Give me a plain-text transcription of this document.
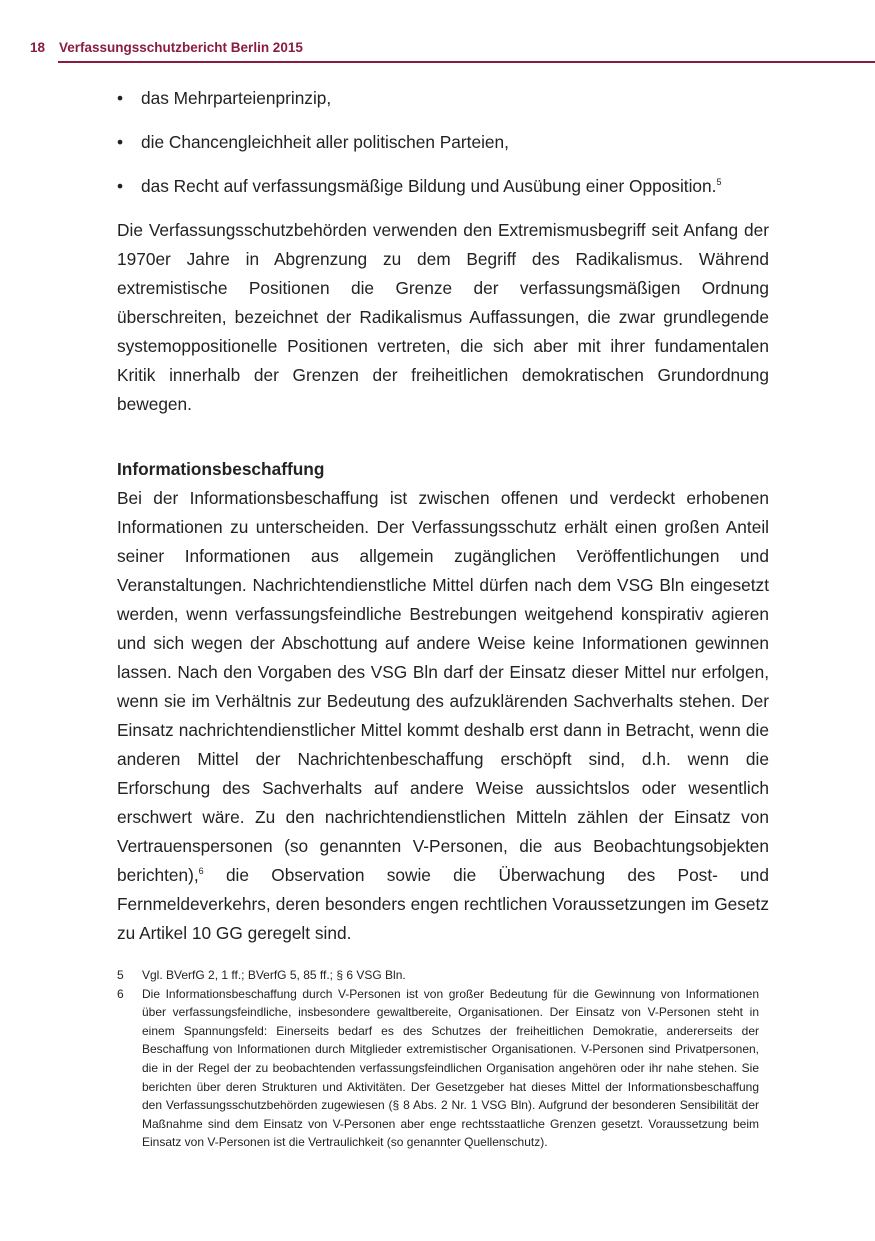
18 Verfassungsschutzbericht Berlin 2015
• das Mehrparteienprinzip,
• die Chancengleichheit aller politischen Parteien,
• das Recht auf verfassungsmäßige Bildung und Ausübung einer Opposition.$^5$

Die Verfassungsschutzbehörden verwenden den Extremismusbegriff seit Anfang der 1970er Jahre in Abgrenzung zu dem Begriff des Radikalismus. Während extremistische Positionen die Grenze der verfassungsmäßigen Ordnung überschreiten, bezeichnet der Radikalismus Auffassungen, die zwar grundlegende systemoppositionelle Positionen vertreten, die sich aber mit ihrer fundamentalen Kritik innerhalb der Grenzen der freiheitlichen demokratischen Grundordnung bewegen.

Informationsbeschaffung

Bei der Informationsbeschaffung ist zwischen offenen und verdeckt erhobenen Informationen zu unterscheiden. Der Verfassungsschutz erhält einen großen Anteil seiner Informationen aus allgemein zugänglichen Veröffentlichungen und Veranstaltungen. Nachrichtendienstliche Mittel dürfen nach dem VSG Bln eingesetzt werden, wenn verfassungsfeindliche Bestrebungen weitgehend konspirativ agieren und sich wegen der Abschottung auf andere Weise keine Informationen gewinnen lassen. Nach den Vorgaben des VSG Bln darf der Einsatz dieser Mittel nur erfolgen, wenn sie im Verhältnis zur Bedeutung des aufzuklärenden Sachverhalts stehen. Der Einsatz nachrichtendienstlicher Mittel kommt deshalb erst dann in Betracht, wenn die anderen Mittel der Nachrichtenbeschaffung erschöpft sind, d.h. wenn die Erforschung des Sachverhalts auf andere Weise aussichtslos oder wesentlich erschwert wäre. Zu den nachrichtendienstlichen Mitteln zählen der Einsatz von Vertrauenspersonen (so genannten V-Personen, die aus Beobachtungsobjekten berichten),$^6$ die Observation sowie die Überwachung des Post- und Fernmeldeverkehrs, deren besonders engen rechtlichen Voraussetzungen im Gesetz zu Artikel 10 GG geregelt sind.

5 Vgl. BVerfG 2, 1 ff.; BVerfG 5, 85 ff.; § 6 VSG Bln.
6 Die Informationsbeschaffung durch V-Personen ist von großer Bedeutung für die Gewinnung von Informationen über verfassungsfeindliche, insbesondere gewaltbereite, Organisationen. Der Einsatz von V-Personen steht in einem Spannungsfeld: Einerseits bedarf es des Schutzes der freiheitlichen Demokratie, andererseits der Beschaffung von Informationen durch Mitglieder extremistischer Organisationen. V-Personen sind Privatpersonen, die in der Regel der zu beobachtenden verfassungsfeindlichen Organisation angehören oder ihr nahe stehen. Sie berichten über deren Strukturen und Aktivitäten. Der Gesetzgeber hat dieses Mittel der Informationsbeschaffung den Verfassungsschutzbehörden zugewiesen (§ 8 Abs. 2 Nr. 1 VSG Bln). Aufgrund der besonderen Sensibilität der Maßnahme sind dem Einsatz von V-Personen aber enge rechtsstaatliche Grenzen gesetzt. Voraussetzung beim Einsatz von V-Personen ist die Vertraulichkeit (so genannter Quellenschutz).
